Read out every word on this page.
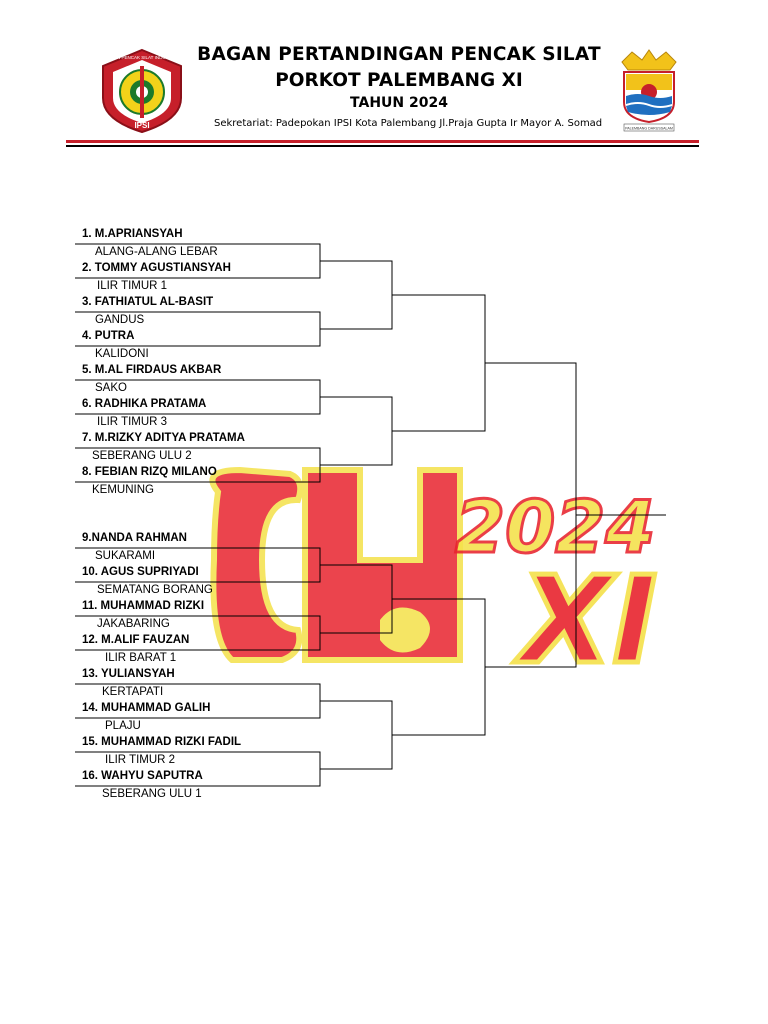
IPSI
IKATAN PENCAK SILAT INDONESIA BAGAN PERTANDINGAN PENCAK SILAT
PORKOT PALEMBANG XI
TAHUN 2024
Sekretariat: Padepokan IPSI Kota Palembang Jl.Praja Gupta Ir Mayor A. Somad	PALEMBANG DARUSSALAM
2024
XI
1. M.APRIANSYAH
ALANG-ALANG LEBAR
2. TOMMY AGUSTIANSYAH
ILIR TIMUR 1
3. FATHIATUL AL-BASIT
GANDUS
4. PUTRA
KALIDONI
5. M.AL FIRDAUS AKBAR
SAKO
6. RADHIKA PRATAMA
ILIR TIMUR 3
7. M.RIZKY ADITYA PRATAMA
SEBERANG ULU 2
8. FEBIAN RIZQ MILANO
KEMUNING
9.NANDA RAHMAN
SUKARAMI
10. AGUS SUPRIYADI
SEMATANG BORANG
11. MUHAMMAD RIZKI
JAKABARING
12. M.ALIF FAUZAN
ILIR BARAT 1
13. YULIANSYAH
KERTAPATI
14. MUHAMMAD GALIH
PLAJU
15. MUHAMMAD RIZKI FADIL
ILIR TIMUR 2
16. WAHYU SAPUTRA
SEBERANG ULU 1
